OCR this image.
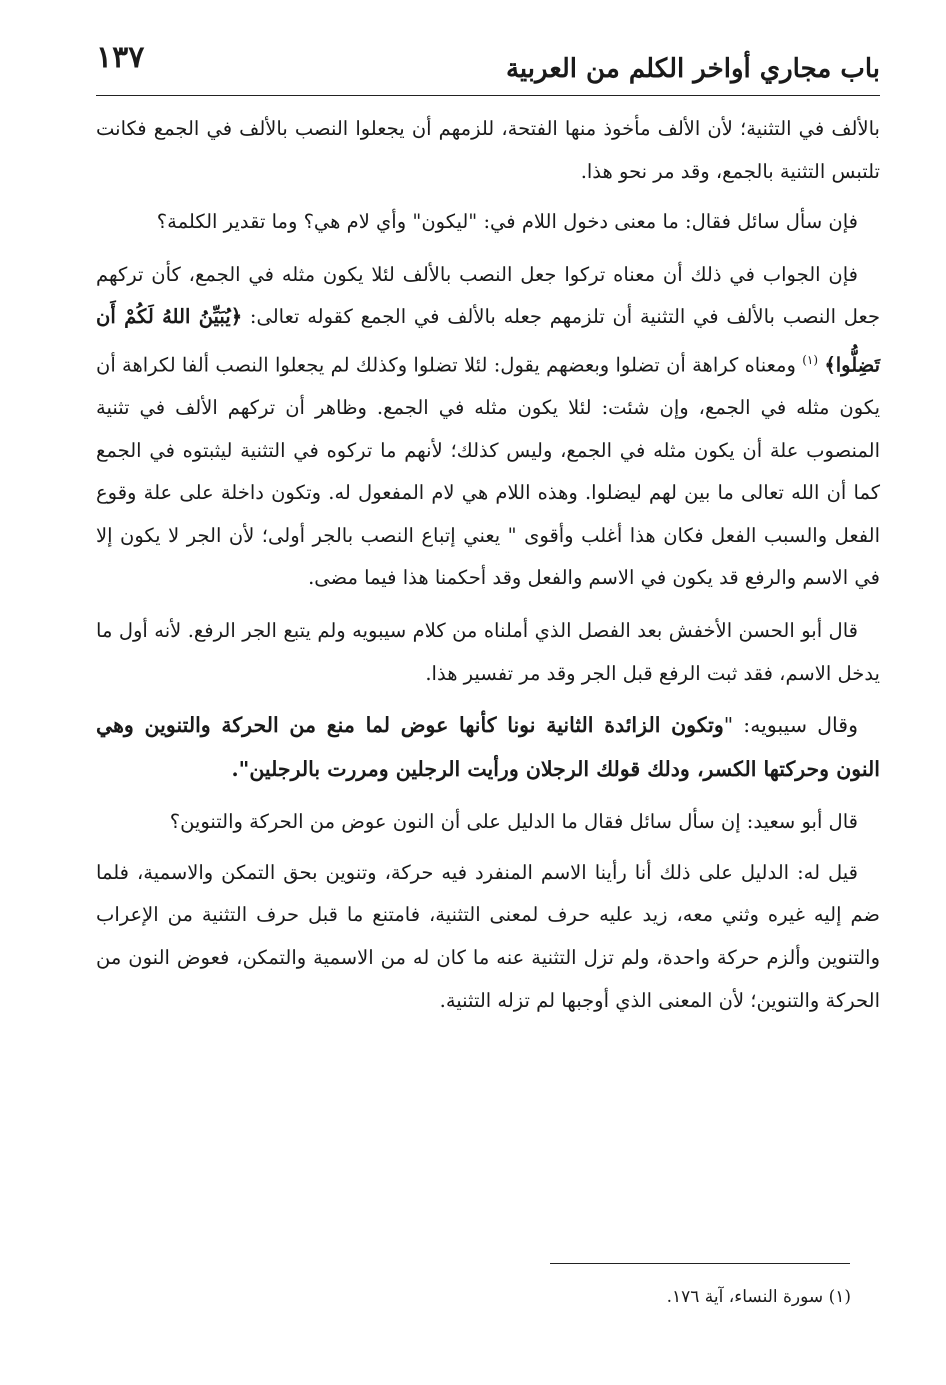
باب مجاري أواخر الكلم من العربية
١٣٧

بالألف في التثنية؛ لأن الألف مأخوذ منها الفتحة، للزمهم أن يجعلوا النصب بالألف في الجمع فكانت تلتبس التثنية بالجمع، وقد مر نحو هذا.

فإن سأل سائل فقال: ما معنى دخول اللام في: "ليكون" وأي لام هي؟ وما تقدير الكلمة؟

فإن الجواب في ذلك أن معناه تركوا جعل النصب بالألف لئلا يكون مثله في الجمع، كأن تركهم جعل النصب بالألف في التثنية أن تلزمهم جعله بالألف في الجمع كقوله تعالى: ﴿يُبَيِّنُ اللهُ لَكُمْ أَن تَضِلُّوا﴾ $^{(١)}$ ومعناه كراهة أن تضلوا وبعضهم يقول: لئلا تضلوا وكذلك لم يجعلوا النصب ألفا لكراهة أن يكون مثله في الجمع، وإن شئت: لئلا يكون مثله في الجمع. وظاهر أن تركهم الألف في تثنية المنصوب علة أن يكون مثله في الجمع، وليس كذلك؛ لأنهم ما تركوه في التثنية ليثبتوه في الجمع كما أن الله تعالى ما بين لهم ليضلوا. وهذه اللام هي لام المفعول له. وتكون داخلة على علة وقوع الفعل والسبب الفعل فكان هذا أغلب وأقوى " يعني إتباع النصب بالجر أولى؛ لأن الجر لا يكون إلا في الاسم والرفع قد يكون في الاسم والفعل وقد أحكمنا هذا فيما مضى.

قال أبو الحسن الأخفش بعد الفصل الذي أملناه من كلام سيبويه ولم يتبع الجر الرفع. لأنه أول ما يدخل الاسم، فقد ثبت الرفع قبل الجر وقد مر تفسير هذا.

وقال سيبويه: "وتكون الزائدة الثانية نونا كأنها عوض لما منع من الحركة والتنوين وهي النون وحركتها الكسر، ودلك قولك الرجلان ورأيت الرجلين ومررت بالرجلين".

قال أبو سعيد: إن سأل سائل فقال ما الدليل على أن النون عوض من الحركة والتنوين؟

قيل له: الدليل على ذلك أنا رأينا الاسم المنفرد فيه حركة، وتنوين بحق التمكن والاسمية، فلما ضم إليه غيره وثني معه، زيد عليه حرف لمعنى التثنية، فامتنع ما قبل حرف التثنية من الإعراب والتنوين وألزم حركة واحدة، ولم تزل التثنية عنه ما كان له من الاسمية والتمكن، فعوض النون من الحركة والتنوين؛ لأن المعنى الذي أوجبها لم تزله التثنية.

(١) سورة النساء، آية ١٧٦.
